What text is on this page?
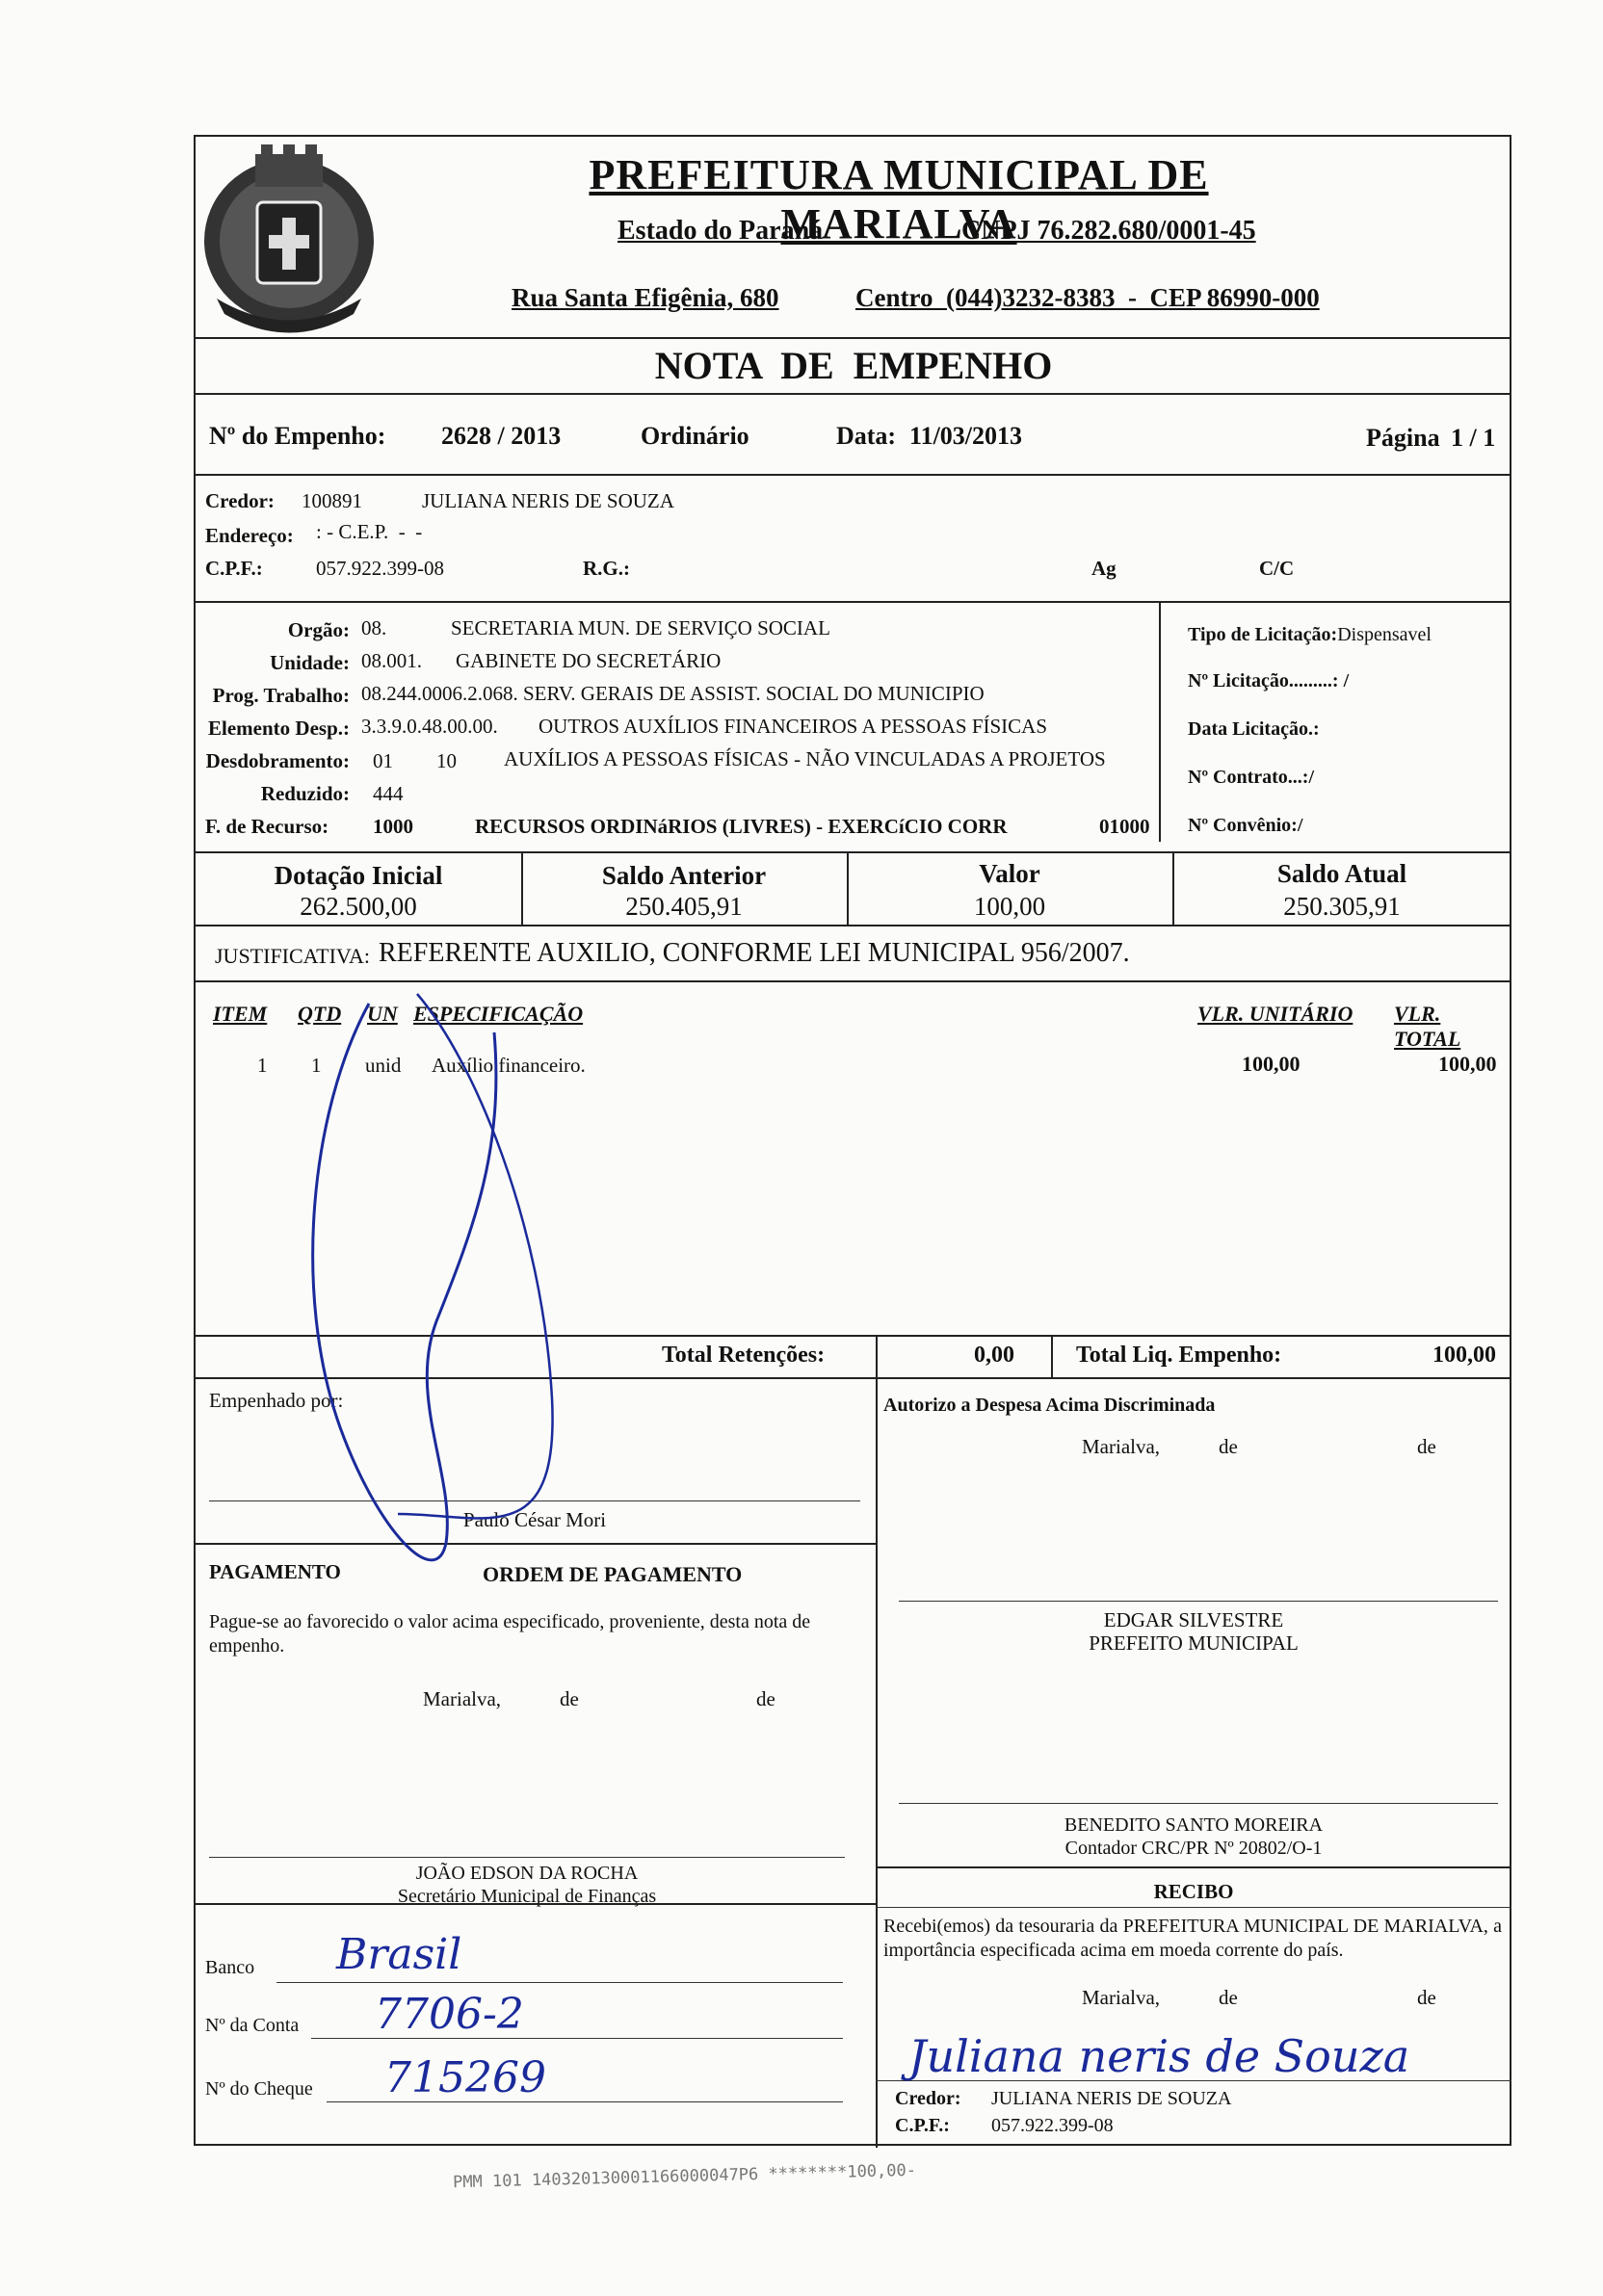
PREFEITURA MUNICIPAL DE MARIALVA
Estado do Paraná	CNPJ 76.282.680/0001-45
Rua Santa Efigênia, 680	Centro  (044)3232-8383  -  CEP 86990-000
NOTA  DE  EMPENHO
Nº do Empenho: 2628 / 2013	Ordinário	Data: 11/03/2013	Página 1 / 1
Credor: 100891	JULIANA NERIS DE SOUZA
Endereço: : - C.E.P.  -  -
C.P.F.:	057.922.399-08	R.G.:	Ag	C/C
Orgão: 08.	SECRETARIA MUN. DE SERVIÇO SOCIAL
Unidade: 08.001. GABINETE DO SECRETÁRIO
Prog. Trabalho: 08.244.0006.2.068. SERV. GERAIS DE ASSIST. SOCIAL DO MUNICIPIO
Elemento Desp.: 3.3.9.0.48.00.00. OUTROS AUXÍLIOS FINANCEIROS A PESSOAS FÍSICAS
Desdobramento: 01 10 AUXÍLIOS A PESSOAS FÍSICAS - NÃO VINCULADAS A PROJETOS
Reduzido: 444
F. de Recurso: 1000	RECURSOS ORDINáRIOS (LIVRES) - EXERCíCIO CORR	01000
Tipo de Licitação:Dispensavel
Nº Licitação.........: /
Data Licitação.:
Nº Contrato...:/
Nº Convênio:/
Dotação Inicial
262.500,00
Saldo Anterior
250.405,91
Valor
100,00
Saldo Atual
250.305,91
JUSTIFICATIVA: REFERENTE AUXILIO, CONFORME LEI MUNICIPAL 956/2007.
ITEM QTD UN ESPECIFICAÇÃO	VLR. UNITÁRIO VLR. TOTAL
1 1 unid Auxílio financeiro.	100,00	100,00
Total Retenções:	0,00	Total Liq. Empenho:	100,00
Empenhado por:
Paulo César Mori
Autorizo a Despesa Acima Discriminada
Marialva,	de	de
EDGAR SILVESTRE
PREFEITO MUNICIPAL
PAGAMENTO	ORDEM DE PAGAMENTO
Pague-se ao favorecido o valor acima especificado, proveniente, desta nota de empenho.
Marialva,	de	de
BENEDITO SANTO MOREIRA
Contador CRC/PR Nº 20802/O-1
JOÃO EDSON DA ROCHA
Secretário Municipal de Finanças	RECIBO
Recebi(emos) da tesouraria da PREFEITURA MUNICIPAL DE MARIALVA, a importância especificada acima em moeda corrente do país.
Marialva,	de	de
Banco Brasil
Nº da Conta 7706-2
Nº do Cheque 715269	Juliana neris de Souza
Credor: JULIANA NERIS DE SOUZA
C.P.F.: 057.922.399-08
PMM 101 140320130001166000047P6 ********100,00-
